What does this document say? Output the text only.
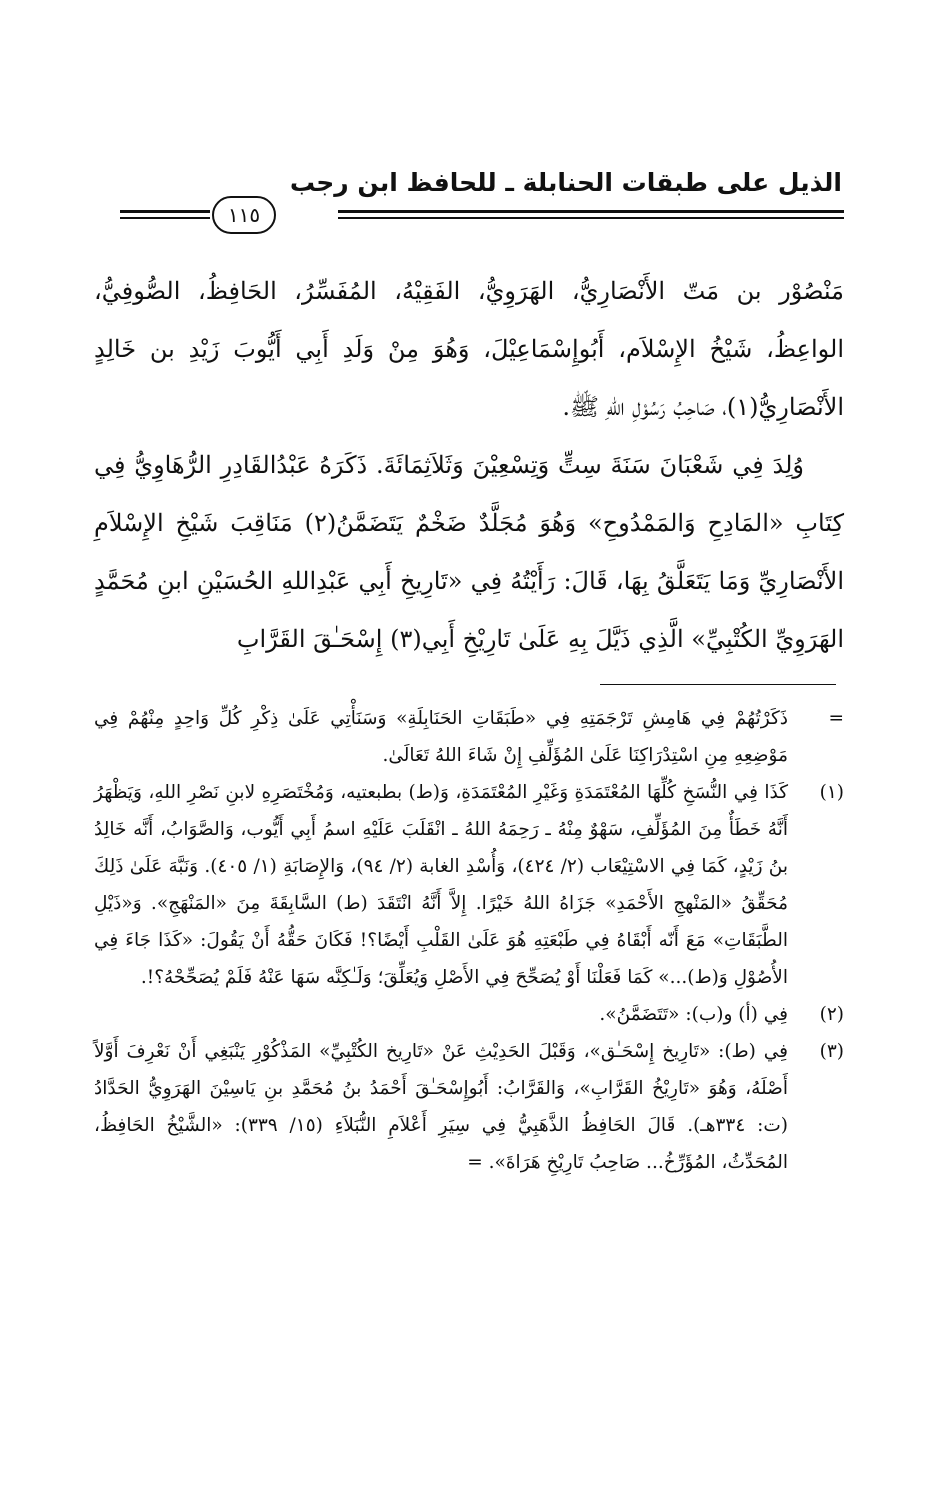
الذيل على طبقات الحنابلة ـ للحافظ ابن رجب
١١٥

مَنْصُوْر بن مَتّ الأَنْصَارِيُّ، الهَرَوِيُّ، الفَقِيْهُ، المُفَسِّرُ، الحَافِظُ، الصُّوفِيُّ، الواعِظُ، شَيْخُ الإِسْلاَم، أَبُوإِسْمَاعِيْلَ، وَهُوَ مِنْ وَلَدِ أَبِي أَيُّوبَ زَيْدِ بن خَالِدٍ الأَنْصَارِيُّ(١)، صَاحِبُ رَسُوْلِ اللهِ ﷺ.

وُلِدَ فِي شَعْبَانَ سَنَةَ سِتٍّ وَتِسْعِيْنَ وَثَلاَثِمَائَةَ. ذَكَرَهُ عَبْدُالقَادِرِ الرُّهَاوِيُّ فِي كِتَابِ «المَادِحِ وَالمَمْدُوحِ» وَهُوَ مُجَلَّدٌ ضَخْمٌ يَتَضَمَّنُ(٢) مَنَاقِبَ شَيْخِ الإِسْلاَمِ الأَنْصَارِيِّ وَمَا يَتَعَلَّقُ بِهَا، قَالَ: رَأَيْتُهُ فِي «تَارِيخِ أَبِي عَبْدِاللهِ الحُسَيْنِ ابنِ مُحَمَّدٍ الهَرَوِيِّ الكُتْبِيِّ» الَّذِي ذَيَّلَ بِهِ عَلَىٰ تَارِيْخِ أَبِي(٣) إِسْحَـٰقَ القَرَّابِ

=
ذَكَرْتُهُمْ فِي هَامِشِ تَرْجَمَتِهِ فِي «طَبَقَاتِ الحَنَابِلَةِ» وَسَنَأْتِي عَلَىٰ ذِكْرِ كُلِّ وَاحِدٍ مِنْهُمْ فِي مَوْضِعِهِ مِنِ اسْتِدْرَاكِنَا عَلَىٰ المُؤَلِّفِ إِنْ شَاءَ اللهُ تَعَالَىٰ.
(١)
كَذَا فِي النُّسَخِ كُلِّهَا المُعْتَمَدَةِ وَغَيْرِ المُعْتَمَدَةِ، وَ(ط) بطبعتيه، وَمُخْتَصَرِهِ لابنِ نَصْرِ اللهِ، وَيَظْهَرُ أَنَّهُ خَطَأٌ مِنَ المُؤَلِّفِ، سَهْوٌ مِنْهُ ـ رَحِمَهُ اللهُ ـ انْقَلَبَ عَلَيْهِ اسمُ أَبِي أَيُّوب، وَالصَّوَابُ، أَنَّه خَالِدُ بنُ زَيْدٍ، كَمَا فِي الاسْتِيْعَاب (٢/ ٤٢٤)، وَأُسْدِ الغابة (٢/ ٩٤)، وَالإِصَابَةِ (١/ ٤٠٥). وَنَبَّهَ عَلَىٰ ذَلِكَ مُحَقِّقُ «المَنْهجِ الأَحْمَدِ» جَزَاهُ اللهُ خَيْرًا. إِلاَّ أَنَّهُ انْتَقَدَ (ط) السَّابِقَةَ مِنَ «المَنْهَجِ». وَ«ذَيْلِ الطَّبَقَاتِ» مَعَ أَنّه أَبْقَاهُ فِي طَبْعَتِهِ هُوَ عَلَىٰ القَلْبِ أَيْضًا؟! فَكَانَ حَقُّهُ أَنْ يَقُولَ: «كَذَا جَاءَ فِي الأُصُوْلِ وَ(ط)...» كَمَا فَعَلْنَا أَوْ يُصَحِّحَ فِي الأَصْلِ وَيُعَلِّقَ؛ وَلَـٰكِنَّه سَهَا عَنْهُ فَلَمْ يُصَحِّحْهُ؟!.
(٢)
فِي (أ) و(ب): «تَتَضَمَّنُ».
(٣)
فِي (ط): «تَارِيخ إِسْحَـٰق»، وَقَبْلَ الحَدِيْثِ عَنْ «تَارِيخ الكُتْبِيِّ» المَذْكُوْرِ يَنْبَغِي أَنْ نَعْرِفَ أَوَّلاً أَصْلَهُ، وَهُوَ «تَارِيْخُ القَرَّابِ»، وَالقَرَّابُ: أَبُوإِسْحَـٰقَ أَحْمَدُ بنُ مُحَمَّدِ بنِ يَاسِيْنَ الهَرَوِيُّ الحَدَّادُ (ت: ٣٣٤هـ). قَالَ الحَافِظُ الذَّهَبِيُّ فِي سِيَرِ أَعْلاَمِ النُّبَلاَءِ (١٥/ ٣٣٩): «الشَّيْخُ الحَافِظُ، المُحَدِّثُ، المُؤَرِّخُ... صَاحِبُ تَارِيْخِ هَرَاةَ». =
